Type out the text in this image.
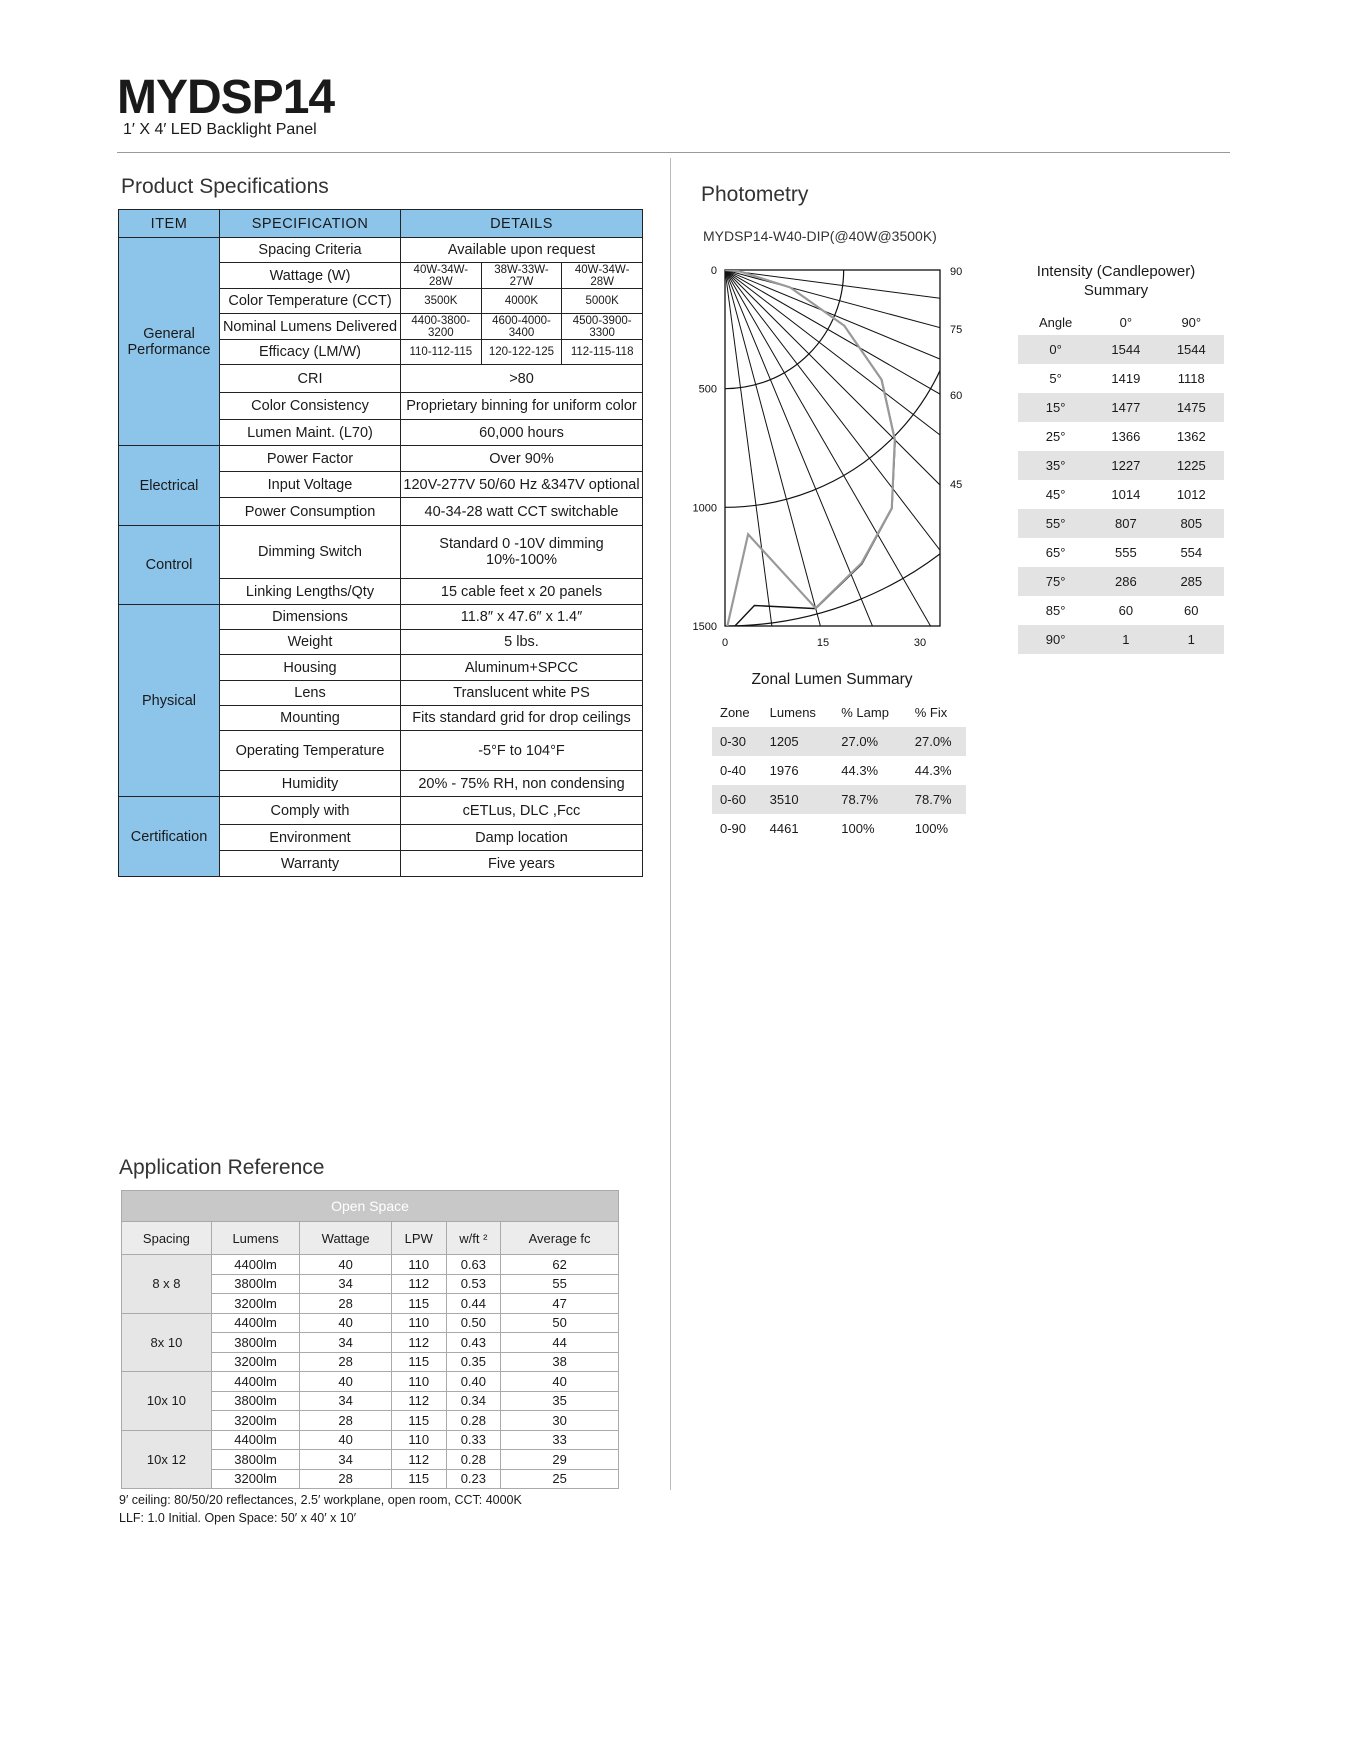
MYDSP14
1′ X 4′ LED Backlight Panel
Product Specifications
ITEM	SPECIFICATION	DETAILS		
General
Performance	Spacing Criteria	Available upon request		
	Wattage (W)	40W-34W-28W	38W-33W-27W	40W-34W-28W
	Color Temperature (CCT)	3500K	4000K	5000K
	Nominal Lumens Delivered	4400-3800-3200	4600-4000-3400	4500-3900-3300
	Efficacy (LM/W)	110-112-115	120-122-125	112-115-118
	CRI	>80		
	Color Consistency	Proprietary binning for uniform color		
	Lumen Maint. (L70)	60,000 hours		
Electrical	Power Factor	Over 90%		
	Input Voltage	120V-277V 50/60 Hz &347V optional		
	Power Consumption	40-34-28 watt CCT switchable		
Control	Dimming Switch	Standard 0 -10V dimming
10%-100%		
	Linking Lengths/Qty	15 cable feet x 20 panels		
Physical	Dimensions	11.8″ x 47.6″ x 1.4″		
	Weight	5 lbs.		
	Housing	Aluminum+SPCC		
	Lens	Translucent white PS		
	Mounting	Fits standard grid for drop ceilings		
	Operating Temperature	-5°F to 104°F		
	Humidity	20% - 75% RH, non condensing		
Certification	Comply with	cETLus, DLC ,Fcc		
	Environment	Damp location		
	Warranty	Five years		
Photometry
MYDSP14-W40-DIP(@40W@3500K)
0
500
1000
1500
45
60
75
90
0	15	30
Intensity (Candlepower)
Summary
Angle	0°	90°
0°	1544	1544
5°	1419	1118
15°	1477	1475
25°	1366	1362
35°	1227	1225
45°	1014	1012
55°	807	805
65°	555	554
75°	286	285
85°	60	60
90°	1	1
Zonal Lumen Summary
Zone	Lumens	% Lamp	% Fix
0-30	1205	27.0%	27.0%
0-40	1976	44.3%	44.3%
0-60	3510	78.7%	78.7%
0-90	4461	100%	100%
Application Reference
Open Space					
Spacing	Lumens	Wattage	LPW	w/ft ²	Average fc
8 x 8	4400lm	40	110	0.63	62
	3800lm	34	112	0.53	55
	3200lm	28	115	0.44	47
8x 10	4400lm	40	110	0.50	50
	3800lm	34	112	0.43	44
	3200lm	28	115	0.35	38
10x 10	4400lm	40	110	0.40	40
	3800lm	34	112	0.34	35
	3200lm	28	115	0.28	30
10x 12	4400lm	40	110	0.33	33
	3800lm	34	112	0.28	29
	3200lm	28	115	0.23	25
9′ ceiling: 80/50/20 reflectances, 2.5′ workplane, open room, CCT: 4000K
LLF: 1.0 Initial. Open Space: 50′ x 40′ x 10′
